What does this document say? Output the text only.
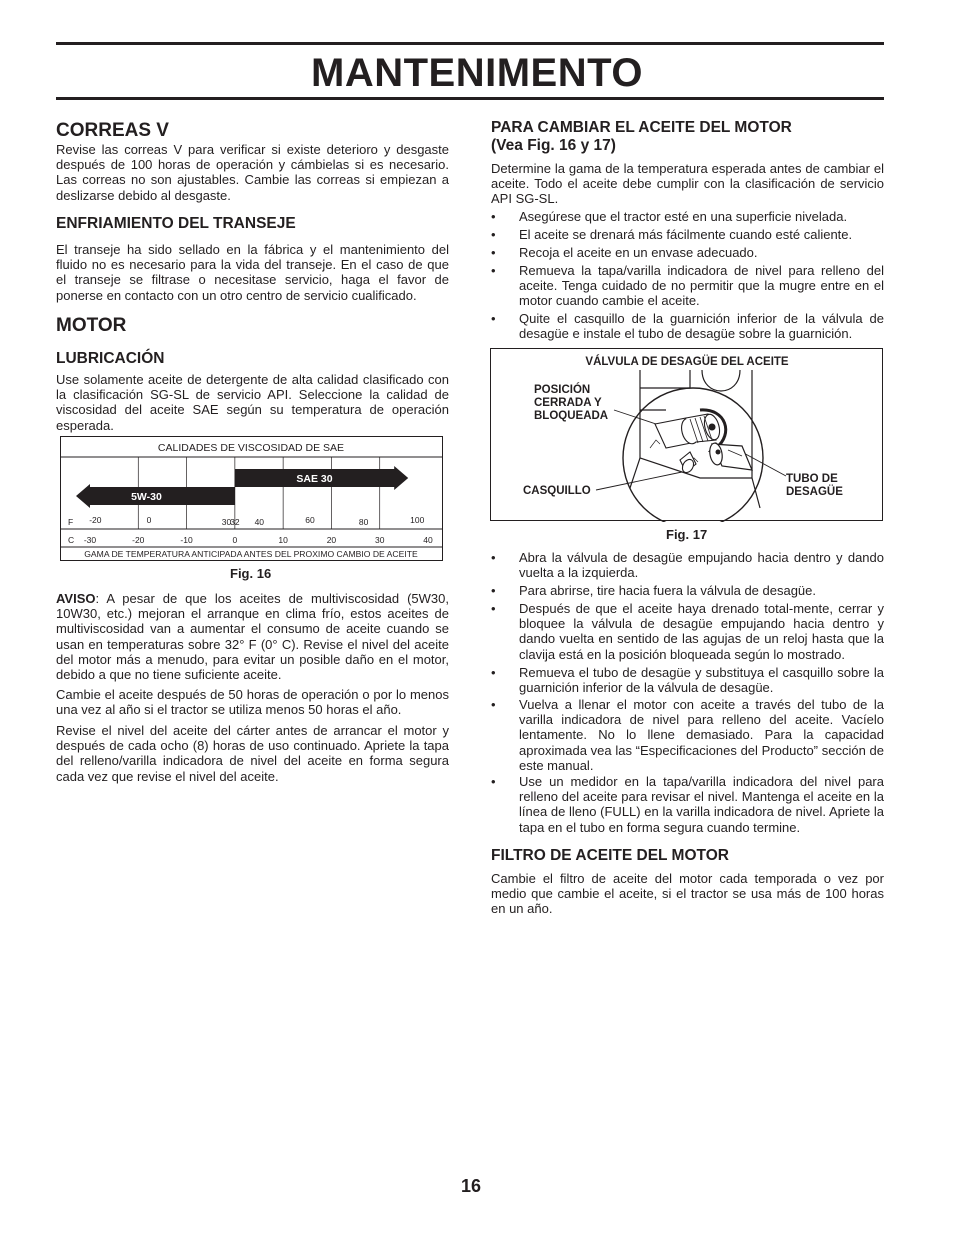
MANTENIMENTO
CORREAS V
Revise las correas V para verificar si existe deterioro y desgaste después de 100 horas de operación y cámbielas si es necesario. Las correas no son ajustables. Cambie las correas si empiezan a deslizarse debido al desgaste.
ENFRIAMIENTO DEL TRANSEJE
El transeje ha sido sellado en la fábrica y el mantenimiento del fluido no es necesario para la vida del transeje. En el caso de que el transeje se filtrase o necesitase servicio, haga el favor de ponerse en contacto con un otro centro de servicio cualificado.
MOTOR
LUBRICACIÓN
Use solamente aceite de detergente de alta calidad clasificado con la clasificación SG-SL de servicio API. Seleccione la calidad de viscosidad del aceite SAE según su temperatura de operación esperada.
CALIDADES DE VISCOSIDAD DE SAE
5W-30
SAE 30
F
C
-20	0	30
32 40	60	80	100
-30	-20	-10	0	10	20	30	40
GAMA DE TEMPERATURA ANTICIPADA ANTES DEL PROXIMO CAMBIO DE ACEITE
Fig. 16
AVISO: A pesar de que los aceites de multiviscosidad (5W30, 10W30, etc.) mejoran el arranque en clima frío, estos aceites de multiviscosidad van a aumentar el consumo de aceite cuando se usan en temperaturas sobre 32° F (0° C). Revise el nivel del aceite del motor más a menudo, para evitar un posible daño en el motor, debido a que no tiene suficiente aceite.
Cambie el aceite después de 50 horas de operación o por lo menos una vez al año si el tractor se utiliza menos 50 horas el año.
Revise el nivel del aceite del cárter antes de arrancar el motor y después de cada ocho (8) horas de uso continuado. Apriete la tapa del relleno/varilla indicadora de nivel del aceite en forma segura cada vez que revise el nivel del aceite.
PARA CAMBIAR EL ACEITE DEL MOTOR
(Vea Fig. 16 y 17)
Determine la gama de la temperatura esperada antes de cambiar el aceite. Todo el aceite debe cumplir con la clasificación de servicio API SG-SL.
• Asegúrese que el tractor esté en una superficie nivelada.
• El aceite se drenará más fácilmente cuando esté caliente.
• Recoja el aceite en un envase adecuado.
• Remueva la tapa/varilla indicadora de nivel para relleno del aceite. Tenga cuidado de no permitir que la mugre entre en el motor cuando cambie el aceite.
• Quite el casquillo de la guarnición inferior de la válvula de desagüe e instale el tubo de desagüe sobre la guarnición.
VÁLVULA DE DESAGÜE DEL ACEITE
POSICIÓN
CERRADA Y
BLOQUEADA
CASQUILLO
TUBO DE
DESAGÜE
Fig. 17
• Abra la válvula de desagüe empujando hacia dentro y dando vuelta a la izquierda.
• Para abrirse, tire hacia fuera la válvula de desagüe.
• Después de que el aceite haya drenado total-mente, cerrar y bloquee la válvula de desagüe empujando hacia dentro y dando vuelta en sentido de las agujas de un reloj hasta que la clavija está en la posición bloqueada según lo mostrado.
• Remueva el tubo de desagüe y substituya el casquillo sobre la guarnición inferior de la válvula de desagüe.
• Vuelva a llenar el motor con aceite a través del tubo de la varilla indicadora de nivel para relleno del aceite. Vacíelo lentamente. No lo llene demasiado. Para la capacidad aproximada vea las “Especificaciones del Producto” sección de este manual.
• Use un medidor en la tapa/varilla indicadora del nivel para relleno del aceite para revisar el nivel. Mantenga el aceite en la línea de lleno (FULL) en la varilla indicadora de nivel. Apriete la tapa en el tubo en forma segura cuando termine.
FILTRO DE ACEITE DEL MOTOR
Cambie el filtro de aceite del motor cada temporada o vez por medio que cambie el aceite, si el tractor se usa más de 100 horas en un año.
16
